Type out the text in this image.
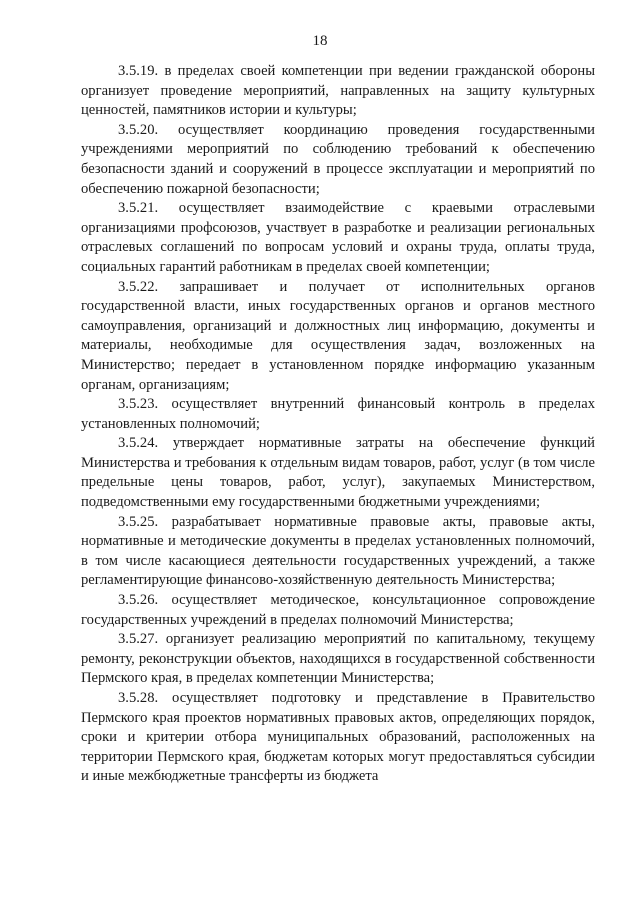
18

3.5.19. в пределах своей компетенции при ведении гражданской обороны организует проведение мероприятий, направленных на защиту культурных ценностей, памятников истории и культуры;

3.5.20. осуществляет координацию проведения государственными учреждениями мероприятий по соблюдению требований к обеспечению безопасности зданий и сооружений в процессе эксплуатации и мероприятий по обеспечению пожарной безопасности;

3.5.21. осуществляет взаимодействие с краевыми отраслевыми организациями профсоюзов, участвует в разработке и реализации региональных отраслевых соглашений по вопросам условий и охраны труда, оплаты труда, социальных гарантий работникам в пределах своей компетенции;

3.5.22. запрашивает и получает от исполнительных органов государственной власти, иных государственных органов и органов местного самоуправления, организаций и должностных лиц информацию, документы и материалы, необходимые для осуществления задач, возложенных на Министерство; передает в установленном порядке информацию указанным органам, организациям;

3.5.23. осуществляет внутренний финансовый контроль в пределах установленных полномочий;

3.5.24. утверждает нормативные затраты на обеспечение функций Министерства и требования к отдельным видам товаров, работ, услуг (в том числе предельные цены товаров, работ, услуг), закупаемых Министерством, подведомственными ему государственными бюджетными учреждениями;

3.5.25. разрабатывает нормативные правовые акты, правовые акты, нормативные и методические документы в пределах установленных полномочий, в том числе касающиеся деятельности государственных учреждений, а также регламентирующие финансово-хозяйственную деятельность Министерства;

3.5.26. осуществляет методическое, консультационное сопровождение государственных учреждений в пределах полномочий Министерства;

3.5.27. организует реализацию мероприятий по капитальному, текущему ремонту, реконструкции объектов, находящихся в государственной собственности Пермского края, в пределах компетенции Министерства;

3.5.28. осуществляет подготовку и представление в Правительство Пермского края проектов нормативных правовых актов, определяющих порядок, сроки и критерии отбора муниципальных образований, расположенных на территории Пермского края, бюджетам которых могут предоставляться субсидии и иные межбюджетные трансферты из бюджета
